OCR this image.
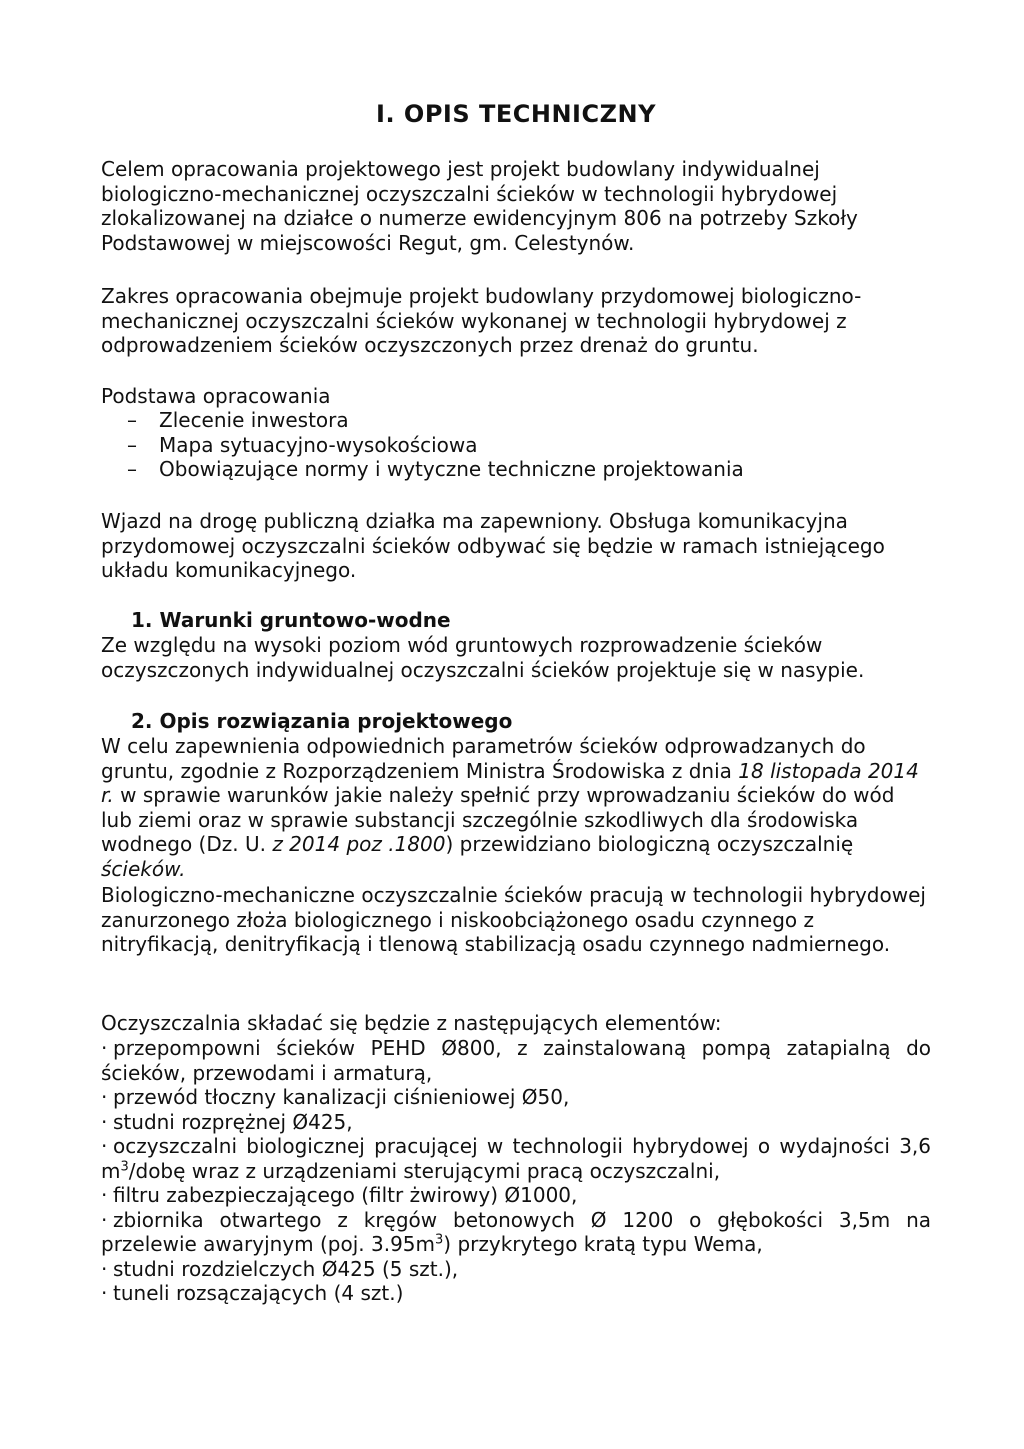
I. OPIS TECHNICZNY

Celem opracowania projektowego jest projekt budowlany indywidualnej biologiczno-mechanicznej oczyszczalni ścieków w technologii hybrydowej zlokalizowanej na działce o numerze ewidencyjnym 806 na potrzeby Szkoły Podstawowej w miejscowości Regut, gm. Celestynów.

Zakres opracowania obejmuje projekt budowlany przydomowej biologiczno-mechanicznej oczyszczalni ścieków wykonanej w technologii hybrydowej z odprowadzeniem ścieków oczyszczonych przez drenaż do gruntu.

Podstawa opracowania

– Zlecenie inwestora
– Mapa sytuacyjno-wysokościowa
– Obowiązujące normy i wytyczne techniczne projektowania

Wjazd na drogę publiczną działka ma zapewniony. Obsługa komunikacyjna przydomowej oczyszczalni ścieków odbywać się będzie w ramach istniejącego układu komunikacyjnego.

1. Warunki gruntowo-wodne

Ze względu na wysoki poziom wód gruntowych rozprowadzenie ścieków oczyszczonych indywidualnej oczyszczalni ścieków projektuje się w nasypie.

2. Opis rozwiązania projektowego

W celu zapewnienia odpowiednich parametrów ścieków odprowadzanych do gruntu, zgodnie z Rozporządzeniem Ministra Środowiska z dnia 18 listopada 2014 r. w sprawie warunków jakie należy spełnić przy wprowadzaniu ścieków do wód lub ziemi oraz w sprawie substancji szczególnie szkodliwych dla środowiska wodnego (Dz. U. z 2014 poz .1800) przewidziano biologiczną oczyszczalnię ścieków.

Biologiczno-mechaniczne oczyszczalnie ścieków pracują w technologii hybrydowej zanurzonego złoża biologicznego i niskoobciążonego osadu czynnego z nitryfikacją, denitryfikacją i tlenową stabilizacją osadu czynnego nadmiernego.

Oczyszczalnia składać się będzie z następujących elementów:

· przepompowni ścieków PEHD Ø800, z zainstalowaną pompą zatapialną do ścieków, przewodami i armaturą,
· przewód tłoczny kanalizacji ciśnieniowej Ø50,
· studni rozprężnej Ø425,
· oczyszczalni biologicznej pracującej w technologii hybrydowej o wydajności 3,6 $m^3$/dobę wraz z urządzeniami sterującymi pracą oczyszczalni,
· filtru zabezpieczającego (filtr żwirowy) Ø1000,
· zbiornika otwartego z kręgów betonowych Ø 1200 o głębokości 3,5m na przelewie awaryjnym (poj. $3.95m^3$) przykrytego kratą typu Wema,
· studni rozdzielczych Ø425 (5 szt.),
· tuneli rozsączających (4 szt.)
